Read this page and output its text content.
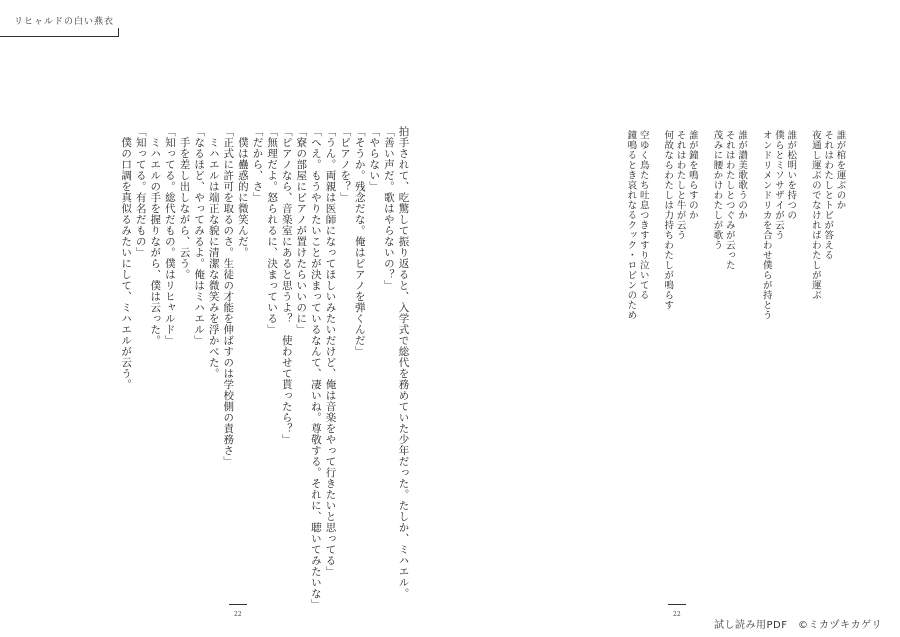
リヒャルドの白い燕衣
拍手されて、吃驚して振り返ると、入学式で総代を務めていた少年だった。たしか、ミハエル。
「善い声だ。歌はやらないの？」
「やらない」
「そうか。残念だな。俺はピアノを弾くんだ」
「ピアノを？」
「うん。両親は医師になってほしいみたいだけど、俺は音楽をやって行きたいと思ってる」
「へえ。もうやりたいことが決まっているなんて、凄いね。尊敬する。それに、聴いてみたいな」
「寮の部屋にピアノが置けたらいいのに」
「ピアノなら、音楽室にあると思うよ？　使わせて貰ったら？」
「無理だよ。怒られるに、決まっている」
「だから、さ」
　僕は蠱惑的に微笑んだ。
「正式に許可を取るのさ。生徒の才能を伸ばすのは学校側の責務さ」
　ミハエルは端正な貌に清潔な微笑みを浮かべた。
「なるほど、やってみるよ。俺はミハエル」
　手を差し出しながら、云う。
「知ってる。総代だもの。僕はリヒャルド」
　ミハエルの手を握りながら、僕は云った。
「知ってる。有名だもの」
　僕の口調を真似るみたいにして、ミハエルが云う。	誰が棺を運ぶのか
それはわたしとトビが答える
夜通し運ぶのでなければわたしが運ぶ
誰が松明いを持つの
僕らとミソサザイが云う
オンドリメンドリカを合わせ僕らが持とう
誰が讃美歌歌うのか
それはわたしとつぐみが云った
茂みに腰かけわたしが歌う
誰が鐘を鳴らすのか
それはわたしと牛が云う
何故ならわたしは力持ちわたしが鳴らす
空ゆく鳥たち吐息つきすすり泣いてる
鐘鳴るとき哀れなるクック・ロビンのため
22	22
試し読み用PDF　©ミカヅキカゲリ
